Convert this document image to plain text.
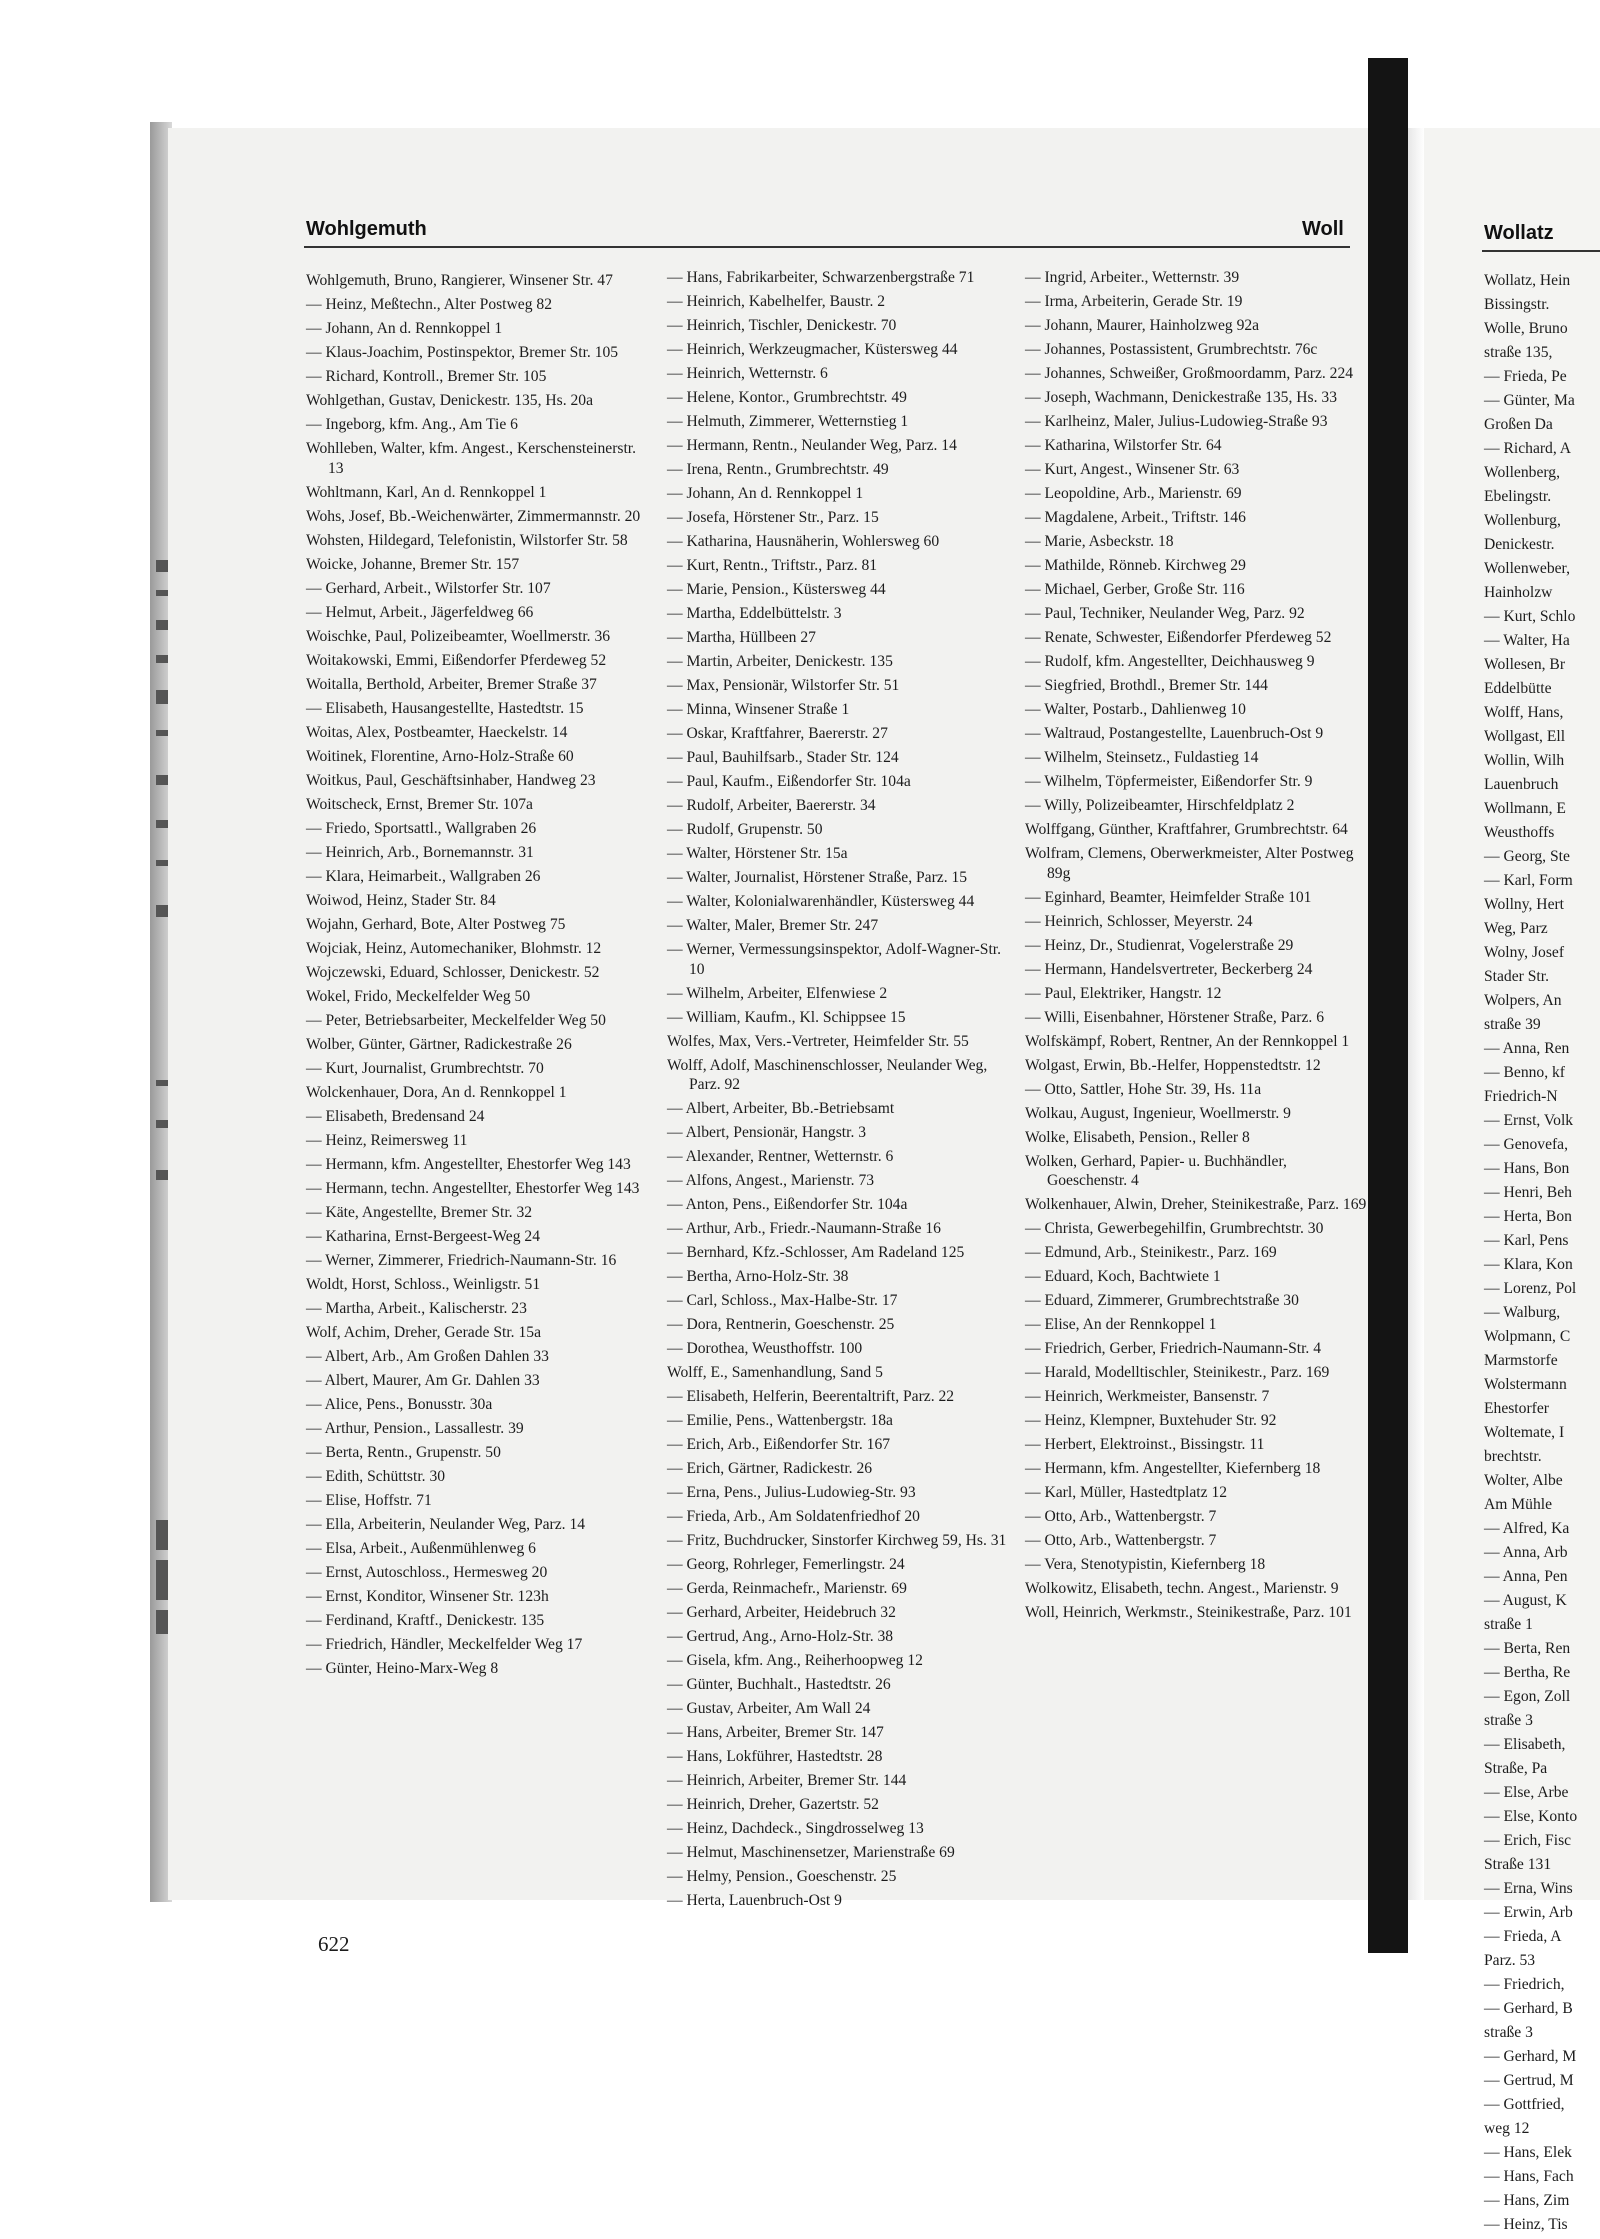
Wohlgemuth	Woll	Wollatz
Wohlgemuth, Bruno, Rangierer, Winsener Str. 47
— Heinz, Meßtechn., Alter Postweg 82
— Johann, An d. Rennkoppel 1
— Klaus-Joachim, Postinspektor, Bremer Str. 105
— Richard, Kontroll., Bremer Str. 105
Wohlgethan, Gustav, Denickestr. 135, Hs. 20a
— Ingeborg, kfm. Ang., Am Tie 6
Wohlleben, Walter, kfm. Angest., Kerschensteinerstr. 13
Wohltmann, Karl, An d. Rennkoppel 1
Wohs, Josef, Bb.-Weichenwärter, Zimmermannstr. 20
Wohsten, Hildegard, Telefonistin, Wilstorfer Str. 58
Woicke, Johanne, Bremer Str. 157
— Gerhard, Arbeit., Wilstorfer Str. 107
— Helmut, Arbeit., Jägerfeldweg 66
Woischke, Paul, Polizeibeamter, Woellmerstr. 36
Woitakowski, Emmi, Eißendorfer Pferdeweg 52
Woitalla, Berthold, Arbeiter, Bremer Straße 37
— Elisabeth, Hausangestellte, Hastedtstr. 15
Woitas, Alex, Postbeamter, Haeckelstr. 14
Woitinek, Florentine, Arno-Holz-Straße 60
Woitkus, Paul, Geschäftsinhaber, Handweg 23
Woitscheck, Ernst, Bremer Str. 107a
— Friedo, Sportsattl., Wallgraben 26
— Heinrich, Arb., Bornemannstr. 31
— Klara, Heimarbeit., Wallgraben 26
Woiwod, Heinz, Stader Str. 84
Wojahn, Gerhard, Bote, Alter Postweg 75
Wojciak, Heinz, Automechaniker, Blohmstr. 12
Wojczewski, Eduard, Schlosser, Denickestr. 52
Wokel, Frido, Meckelfelder Weg 50
— Peter, Betriebsarbeiter, Meckelfelder Weg 50
Wolber, Günter, Gärtner, Radickestraße 26
— Kurt, Journalist, Grumbrechtstr. 70
Wolckenhauer, Dora, An d. Rennkoppel 1
— Elisabeth, Bredensand 24
— Heinz, Reimersweg 11
— Hermann, kfm. Angestellter, Ehestorfer Weg 143
— Hermann, techn. Angestellter, Ehestorfer Weg 143
— Käte, Angestellte, Bremer Str. 32
— Katharina, Ernst-Bergeest-Weg 24
— Werner, Zimmerer, Friedrich-Naumann-Str. 16
Woldt, Horst, Schloss., Weinligstr. 51
— Martha, Arbeit., Kalischerstr. 23
Wolf, Achim, Dreher, Gerade Str. 15a
— Albert, Arb., Am Großen Dahlen 33
— Albert, Maurer, Am Gr. Dahlen 33
— Alice, Pens., Bonusstr. 30a
— Arthur, Pension., Lassallestr. 39
— Berta, Rentn., Grupenstr. 50
— Edith, Schüttstr. 30
— Elise, Hoffstr. 71
— Ella, Arbeiterin, Neulander Weg, Parz. 14
— Elsa, Arbeit., Außenmühlenweg 6
— Ernst, Autoschloss., Hermesweg 20
— Ernst, Konditor, Winsener Str. 123h
— Ferdinand, Kraftf., Denickestr. 135
— Friedrich, Händler, Meckelfelder Weg 17
— Günter, Heino-Marx-Weg 8
— Hans, Fabrikarbeiter, Schwarzenbergstraße 71
— Heinrich, Kabelhelfer, Baustr. 2
— Heinrich, Tischler, Denickestr. 70
— Heinrich, Werkzeugmacher, Küstersweg 44
— Heinrich, Wetternstr. 6
— Helene, Kontor., Grumbrechtstr. 49
— Helmuth, Zimmerer, Wetternstieg 1
— Hermann, Rentn., Neulander Weg, Parz. 14
— Irena, Rentn., Grumbrechtstr. 49
— Johann, An d. Rennkoppel 1
— Josefa, Hörstener Str., Parz. 15
— Katharina, Hausnäherin, Wohlersweg 60
— Kurt, Rentn., Triftstr., Parz. 81
— Marie, Pension., Küstersweg 44
— Martha, Eddelbüttelstr. 3
— Martha, Hüllbeen 27
— Martin, Arbeiter, Denickestr. 135
— Max, Pensionär, Wilstorfer Str. 51
— Minna, Winsener Straße 1
— Oskar, Kraftfahrer, Baererstr. 27
— Paul, Bauhilfsarb., Stader Str. 124
— Paul, Kaufm., Eißendorfer Str. 104a
— Rudolf, Arbeiter, Baererstr. 34
— Rudolf, Grupenstr. 50
— Walter, Hörstener Str. 15a
— Walter, Journalist, Hörstener Straße, Parz. 15
— Walter, Kolonialwarenhändler, Küstersweg 44
— Walter, Maler, Bremer Str. 247
— Werner, Vermessungsinspektor, Adolf-Wagner-Str. 10
— Wilhelm, Arbeiter, Elfenwiese 2
— William, Kaufm., Kl. Schippsee 15
Wolfes, Max, Vers.-Vertreter, Heimfelder Str. 55
Wolff, Adolf, Maschinenschlosser, Neulander Weg, Parz. 92
— Albert, Arbeiter, Bb.-Betriebsamt
— Albert, Pensionär, Hangstr. 3
— Alexander, Rentner, Wetternstr. 6
— Alfons, Angest., Marienstr. 73
— Anton, Pens., Eißendorfer Str. 104a
— Arthur, Arb., Friedr.-Naumann-Straße 16
— Bernhard, Kfz.-Schlosser, Am Radeland 125
— Bertha, Arno-Holz-Str. 38
— Carl, Schloss., Max-Halbe-Str. 17
— Dora, Rentnerin, Goeschenstr. 25
— Dorothea, Weusthoffstr. 100
Wolff, E., Samenhandlung, Sand 5
— Elisabeth, Helferin, Beerentaltrift, Parz. 22
— Emilie, Pens., Wattenbergstr. 18a
— Erich, Arb., Eißendorfer Str. 167
— Erich, Gärtner, Radickestr. 26
— Erna, Pens., Julius-Ludowieg-Str. 93
— Frieda, Arb., Am Soldatenfriedhof 20
— Fritz, Buchdrucker, Sinstorfer Kirchweg 59, Hs. 31
— Georg, Rohrleger, Femerlingstr. 24
— Gerda, Reinmachefr., Marienstr. 69
— Gerhard, Arbeiter, Heidebruch 32
— Gertrud, Ang., Arno-Holz-Str. 38
— Gisela, kfm. Ang., Reiherhoopweg 12
— Günter, Buchhalt., Hastedtstr. 26
— Gustav, Arbeiter, Am Wall 24
— Hans, Arbeiter, Bremer Str. 147
— Hans, Lokführer, Hastedtstr. 28
— Heinrich, Arbeiter, Bremer Str. 144
— Heinrich, Dreher, Gazertstr. 52
— Heinz, Dachdeck., Singdrosselweg 13
— Helmut, Maschinensetzer, Marienstraße 69
— Helmy, Pension., Goeschenstr. 25
— Herta, Lauenbruch-Ost 9
— Ingrid, Arbeiter., Wetternstr. 39
— Irma, Arbeiterin, Gerade Str. 19
— Johann, Maurer, Hainholzweg 92a
— Johannes, Postassistent, Grumbrechtstr. 76c
— Johannes, Schweißer, Großmoordamm, Parz. 224
— Joseph, Wachmann, Denickestraße 135, Hs. 33
— Karlheinz, Maler, Julius-Ludowieg-Straße 93
— Katharina, Wilstorfer Str. 64
— Kurt, Angest., Winsener Str. 63
— Leopoldine, Arb., Marienstr. 69
— Magdalene, Arbeit., Triftstr. 146
— Marie, Asbeckstr. 18
— Mathilde, Rönneb. Kirchweg 29
— Michael, Gerber, Große Str. 116
— Paul, Techniker, Neulander Weg, Parz. 92
— Renate, Schwester, Eißendorfer Pferdeweg 52
— Rudolf, kfm. Angestellter, Deichhausweg 9
— Siegfried, Brothdl., Bremer Str. 144
— Walter, Postarb., Dahlienweg 10
— Waltraud, Postangestellte, Lauenbruch-Ost 9
— Wilhelm, Steinsetz., Fuldastieg 14
— Wilhelm, Töpfermeister, Eißendorfer Str. 9
— Willy, Polizeibeamter, Hirschfeldplatz 2
Wolffgang, Günther, Kraftfahrer, Grumbrechtstr. 64
Wolfram, Clemens, Oberwerkmeister, Alter Postweg 89g
— Eginhard, Beamter, Heimfelder Straße 101
— Heinrich, Schlosser, Meyerstr. 24
— Heinz, Dr., Studienrat, Vogelerstraße 29
— Hermann, Handelsvertreter, Beckerberg 24
— Paul, Elektriker, Hangstr. 12
— Willi, Eisenbahner, Hörstener Straße, Parz. 6
Wolfskämpf, Robert, Rentner, An der Rennkoppel 1
Wolgast, Erwin, Bb.-Helfer, Hoppenstedtstr. 12
— Otto, Sattler, Hohe Str. 39, Hs. 11a
Wolkau, August, Ingenieur, Woellmerstr. 9
Wolke, Elisabeth, Pension., Reller 8
Wolken, Gerhard, Papier- u. Buchhändler, Goeschenstr. 4
Wolkenhauer, Alwin, Dreher, Steinikestraße, Parz. 169
— Christa, Gewerbegehilfin, Grumbrechtstr. 30
— Edmund, Arb., Steinikestr., Parz. 169
— Eduard, Koch, Bachtwiete 1
— Eduard, Zimmerer, Grumbrechtstraße 30
— Elise, An der Rennkoppel 1
— Friedrich, Gerber, Friedrich-Naumann-Str. 4
— Harald, Modelltischler, Steinikestr., Parz. 169
— Heinrich, Werkmeister, Bansenstr. 7
— Heinz, Klempner, Buxtehuder Str. 92
— Herbert, Elektroinst., Bissingstr. 11
— Hermann, kfm. Angestellter, Kiefernberg 18
— Karl, Müller, Hastedtplatz 12
— Otto, Arb., Wattenbergstr. 7
— Otto, Arb., Wattenbergstr. 7
— Vera, Stenotypistin, Kiefernberg 18
Wolkowitz, Elisabeth, techn. Angest., Marienstr. 9
Woll, Heinrich, Werkmstr., Steinikestraße, Parz. 101
Wollatz, Hein
Bissingstr.
Wolle, Bruno
straße 135,
— Frieda, Pe
— Günter, Ma
Großen Da
— Richard, A
Wollenberg,
Ebelingstr.
Wollenburg,
Denickestr.
Wollenweber,
Hainholzw
— Kurt, Schlo
— Walter, Ha
Wollesen, Br
Eddelbütte
Wolff, Hans,
Wollgast, Ell
Wollin, Wilh
Lauenbruch
Wollmann, E
Weusthoffs
— Georg, Ste
— Karl, Form
Wollny, Hert
Weg, Parz
Wolny, Josef
Stader Str.
Wolpers, An
straße 39
— Anna, Ren
— Benno, kf
Friedrich-N
— Ernst, Volk
— Genovefa,
— Hans, Bon
— Henri, Beh
— Herta, Bon
— Karl, Pens
— Klara, Kon
— Lorenz, Pol
— Walburg,
Wolpmann, C
Marmstorfe
Wolstermann
Ehestorfer
Woltemate, I
brechtstr.
Wolter, Albe
Am Mühle
— Alfred, Ka
— Anna, Arb
— Anna, Pen
— August, K
straße 1
— Berta, Ren
— Bertha, Re
— Egon, Zoll
straße 3
— Elisabeth,
Straße, Pa
— Else, Arbe
— Else, Konto
— Erich, Fisc
Straße 131
— Erna, Wins
— Erwin, Arb
— Frieda, A
Parz. 53
— Friedrich,
— Gerhard, B
straße 3
— Gerhard, M
— Gertrud, M
— Gottfried,
weg 12
— Hans, Elek
— Hans, Fach
— Hans, Zim
— Heinz, Tis
622
